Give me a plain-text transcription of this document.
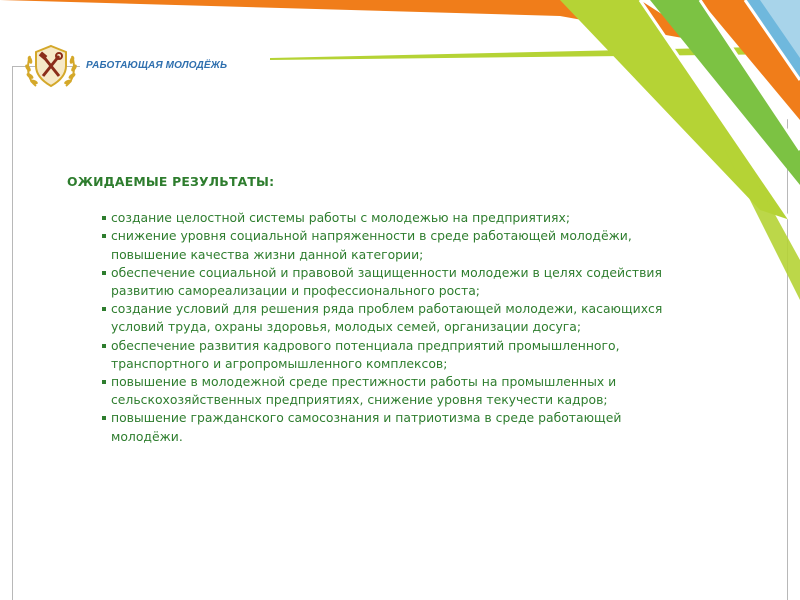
РАБОТАЮЩАЯ МОЛОДЁЖЬ
ОЖИДАЕМЫЕ РЕЗУЛЬТАТЫ:
создание целостной системы работы с молодежью на предприятиях;
снижение уровня социальной напряженности в среде работающей молодёжи,
повышение качества жизни данной категории;
обеспечение социальной и правовой защищенности молодежи в целях содействия
развитию самореализации и профессионального роста;
создание условий для решения ряда проблем работающей молодежи, касающихся
условий труда, охраны здоровья, молодых семей, организации досуга;
обеспечение развития кадрового потенциала предприятий промышленного,
транспортного и агропромышленного комплексов;
повышение в молодежной среде престижности работы на промышленных и
сельскохозяйственных предприятиях, снижение уровня текучести кадров;
повышение гражданского самосознания и патриотизма в среде работающей
молодёжи.
